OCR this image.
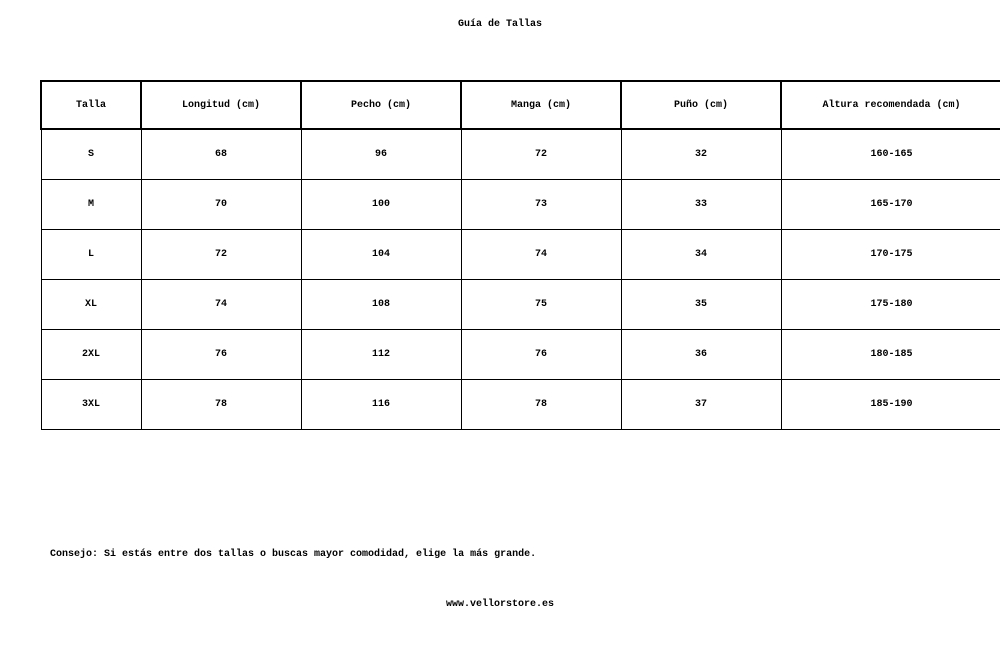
Guía de Tallas
Talla	Longitud (cm)	Pecho (cm)	Manga (cm)	Puño (cm)	Altura recomendada (cm)
S	68	96	72	32	160-165
M	70	100	73	33	165-170
L	72	104	74	34	170-175
XL	74	108	75	35	175-180
2XL	76	112	76	36	180-185
3XL	78	116	78	37	185-190
Consejo: Si estás entre dos tallas o buscas mayor comodidad, elige la más grande.
www.vellorstore.es
